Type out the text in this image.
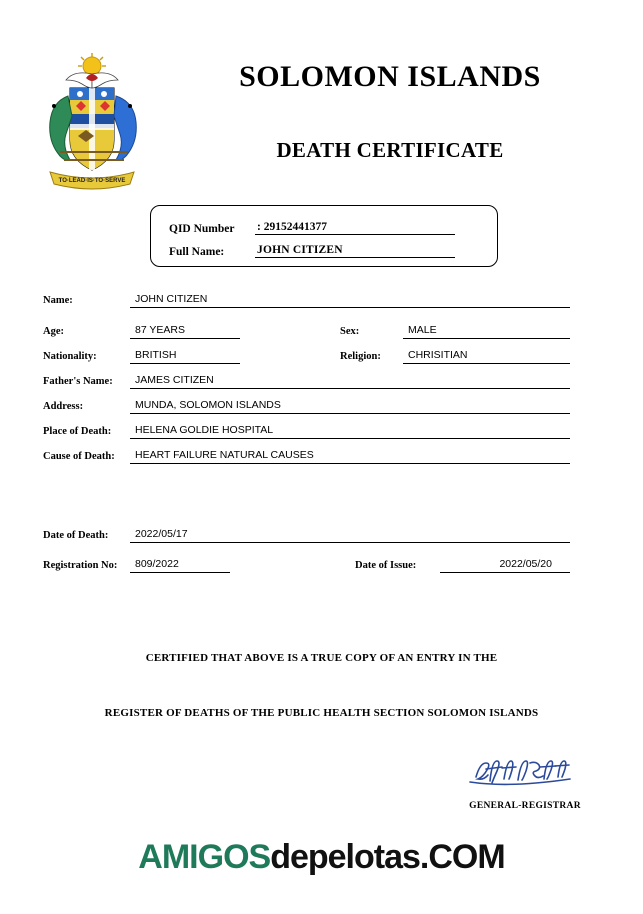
TO·LEAD·IS·TO·SERVE
SOLOMON ISLANDS
DEATH CERTIFICATE
QID Number : 29152441377
Full Name:	JOHN CITIZEN
Name:	JOHN CITIZEN
Age:	87 YEARS	Sex:	MALE
Nationality:	BRITISH	Religion:	CHRISITIAN
Father's Name:	JAMES CITIZEN
Address:	MUNDA, SOLOMON ISLANDS
Place of Death:	HELENA GOLDIE HOSPITAL
Cause of Death:	HEART FAILURE NATURAL CAUSES
Date of Death:	2022/05/17
Registration No:	809/2022	Date of Issue:	2022/05/20
CERTIFIED THAT ABOVE IS A TRUE COPY OF AN ENTRY IN THE
REGISTER OF DEATHS OF THE PUBLIC HEALTH SECTION SOLOMON ISLANDS
GENERAL-REGISTRAR
AMIGOSdepelotas.COM
